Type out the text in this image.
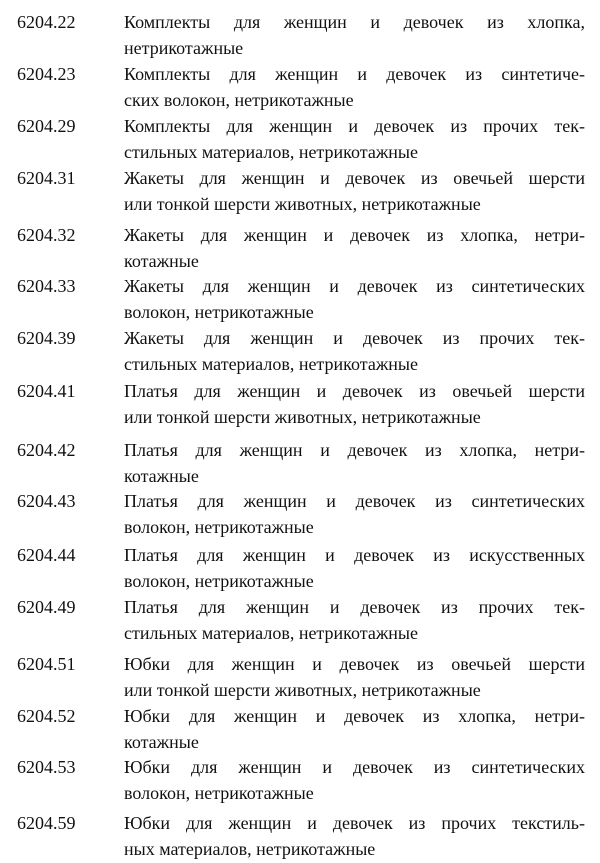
6204.22	Комплекты для женщин и девочек из хлопка,
нетрикотажные
6204.23	Комплекты для женщин и девочек из синтетиче-
ских волокон, нетрикотажные
6204.29	Комплекты для женщин и девочек из прочих тек-
стильных материалов, нетрикотажные
6204.31	Жакеты для женщин и девочек из овечьей шерсти
или тонкой шерсти животных, нетрикотажные
6204.32	Жакеты для женщин и девочек из хлопка, нетри-
котажные
6204.33	Жакеты для женщин и девочек из синтетических
волокон, нетрикотажные
6204.39	Жакеты для женщин и девочек из прочих тек-
стильных материалов, нетрикотажные
6204.41	Платья для женщин и девочек из овечьей шерсти
или тонкой шерсти животных, нетрикотажные
6204.42	Платья для женщин и девочек из хлопка, нетри-
котажные
6204.43	Платья для женщин и девочек из синтетических
волокон, нетрикотажные
6204.44	Платья для женщин и девочек из искусственных
волокон, нетрикотажные
6204.49	Платья для женщин и девочек из прочих тек-
стильных материалов, нетрикотажные
6204.51	Юбки для женщин и девочек из овечьей шерсти
или тонкой шерсти животных, нетрикотажные
6204.52	Юбки для женщин и девочек из хлопка, нетри-
котажные
6204.53	Юбки для женщин и девочек из синтетических
волокон, нетрикотажные
6204.59	Юбки для женщин и девочек из прочих текстиль-
ных материалов, нетрикотажные
